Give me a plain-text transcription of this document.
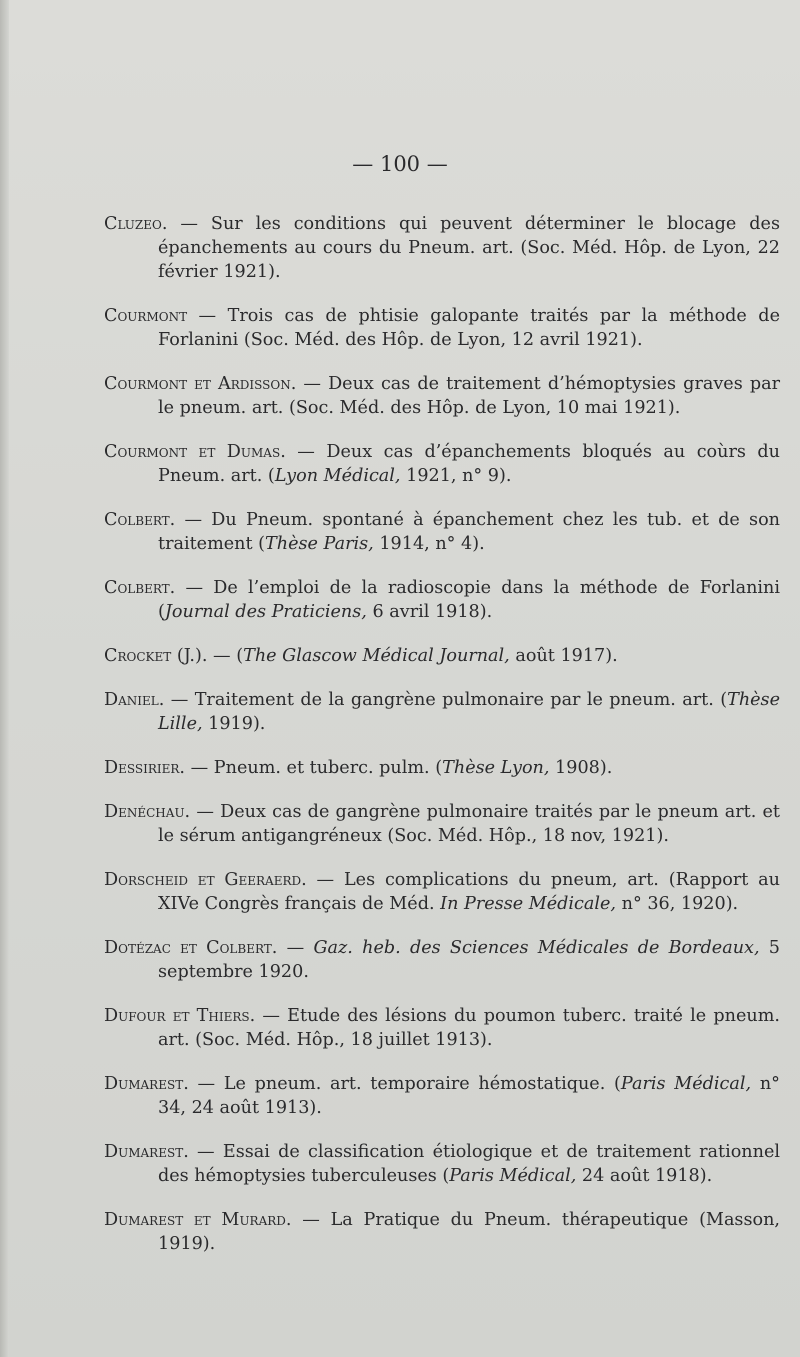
— 100 —

Cluzeo. — Sur les conditions qui peuvent déterminer le blocage des épanchements au cours du Pneum. art. (Soc. Méd. Hôp. de Lyon, 22 février 1921).

Courmont — Trois cas de phtisie galopante traités par la méthode de Forlanini (Soc. Méd. des Hôp. de Lyon, 12 avril 1921).

Courmont et Ardisson. — Deux cas de traitement d’hémoptysies graves par le pneum. art. (Soc. Méd. des Hôp. de Lyon, 10 mai 1921).

Courmont et Dumas. — Deux cas d’épanchements bloqués au coùrs du Pneum. art. (Lyon Médical, 1921, n° 9).

Colbert. — Du Pneum. spontané à épanchement chez les tub. et de son traitement (Thèse Paris, 1914, n° 4).

Colbert. — De l’emploi de la radioscopie dans la méthode de Forlanini (Journal des Praticiens, 6 avril 1918).

Crocket (J.). — (The Glascow Médical Journal, août 1917).

Daniel. — Traitement de la gangrène pulmonaire par le pneum. art. (Thèse Lille, 1919).

Dessirier. — Pneum. et tuberc. pulm. (Thèse Lyon, 1908).

Denéchau. — Deux cas de gangrène pulmonaire traités par le pneum art. et le sérum antigangréneux (Soc. Méd. Hôp., 18 nov, 1921).

Dorscheid et Geeraerd. — Les complications du pneum, art. (Rapport au XIVe Congrès français de Méd. In Presse Médicale, n° 36, 1920).

Dotézac et Colbert. — Gaz. heb. des Sciences Médicales de Bordeaux, 5 septembre 1920.

Dufour et Thiers. — Etude des lésions du poumon tuberc. traité le pneum. art. (Soc. Méd. Hôp., 18 juillet 1913).

Dumarest. — Le pneum. art. temporaire hémostatique. (Paris Médical, n° 34, 24 août 1913).

Dumarest. — Essai de classification étiologique et de traitement rationnel des hémoptysies tuberculeuses (Paris Médical, 24 août 1918).

Dumarest et Murard. — La Pratique du Pneum. thérapeutique (Masson, 1919).
